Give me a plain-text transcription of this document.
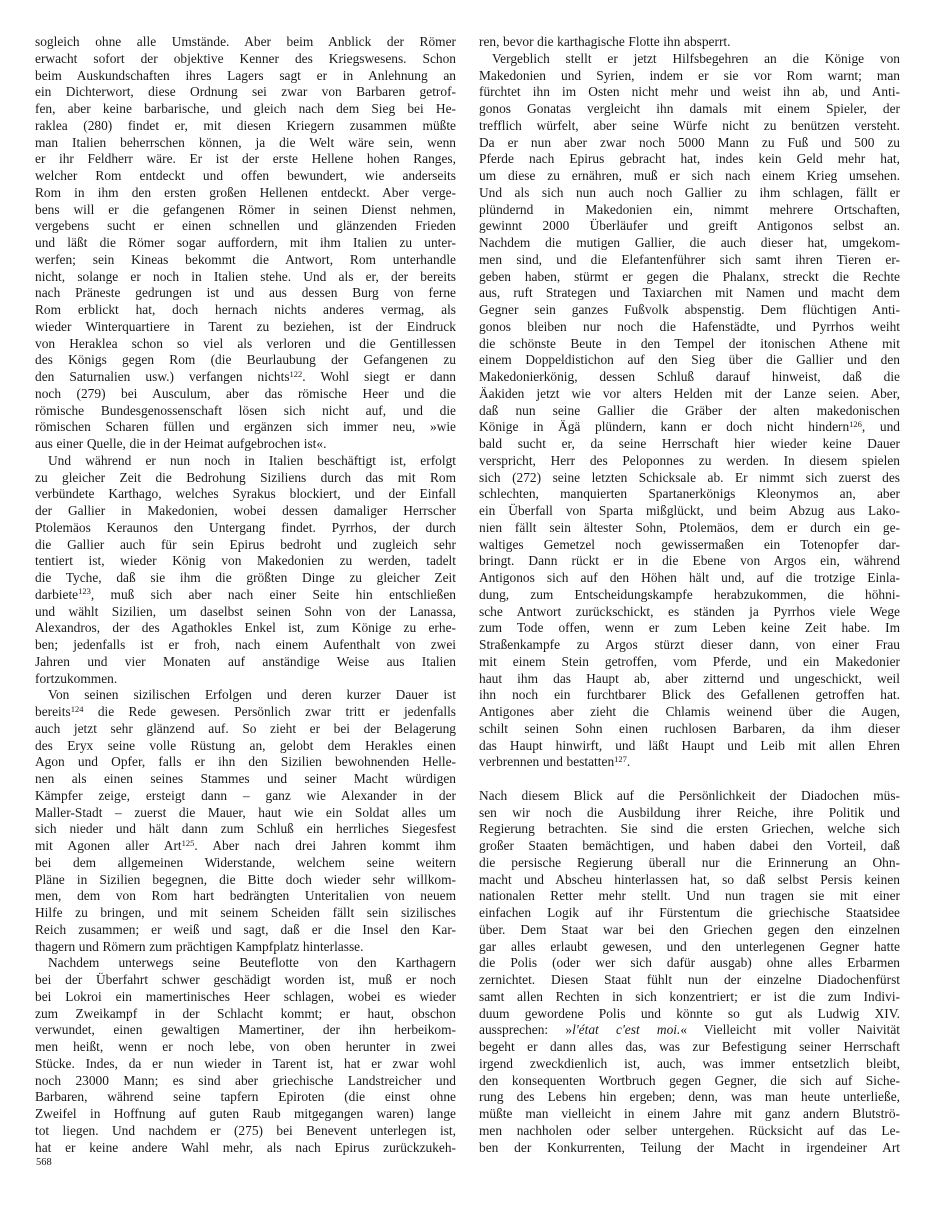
sogleich ohne alle Umstände. Aber beim Anblick der Römer
erwacht sofort der objektive Kenner des Kriegswesens. Schon
beim Auskundschaften ihres Lagers sagt er in Anlehnung an
ein Dichterwort, diese Ordnung sei zwar von Barbaren getrof-
fen, aber keine barbarische, und gleich nach dem Sieg bei He-
raklea (280) findet er, mit diesen Kriegern zusammen müßte
man Italien beherrschen können, ja die Welt wäre sein, wenn
er ihr Feldherr wäre. Er ist der erste Hellene hohen Ranges,
welcher Rom entdeckt und offen bewundert, wie anderseits
Rom in ihm den ersten großen Hellenen entdeckt. Aber verge-
bens will er die gefangenen Römer in seinen Dienst nehmen,
vergebens sucht er einen schnellen und glänzenden Frieden
und läßt die Römer sogar auffordern, mit ihm Italien zu unter-
werfen; sein Kineas bekommt die Antwort, Rom unterhandle
nicht, solange er noch in Italien stehe. Und als er, der bereits
nach Präneste gedrungen ist und aus dessen Burg von ferne
Rom erblickt hat, doch hernach nichts anderes vermag, als
wieder Winterquartiere in Tarent zu beziehen, ist der Eindruck
von Heraklea schon so viel als verloren und die Gentillessen
des Königs gegen Rom (die Beurlaubung der Gefangenen zu
den Saturnalien usw.) verfangen nichts$^{122}$. Wohl siegt er dann
noch (279) bei Ausculum, aber das römische Heer und die
römische Bundesgenossenschaft lösen sich nicht auf, und die
römischen Scharen füllen und ergänzen sich immer neu, »wie
aus einer Quelle, die in der Heimat aufgebrochen ist«.
Und während er nun noch in Italien beschäftigt ist, erfolgt
zu gleicher Zeit die Bedrohung Siziliens durch das mit Rom
verbündete Karthago, welches Syrakus blockiert, und der Einfall
der Gallier in Makedonien, wobei dessen damaliger Herrscher
Ptolemäos Keraunos den Untergang findet. Pyrrhos, der durch
die Gallier auch für sein Epirus bedroht und zugleich sehr
tentiert ist, wieder König von Makedonien zu werden, tadelt
die Tyche, daß sie ihm die größten Dinge zu gleicher Zeit
darbiete$^{123}$, muß sich aber nach einer Seite hin entschließen
und wählt Sizilien, um daselbst seinen Sohn von der Lanassa,
Alexandros, der des Agathokles Enkel ist, zum Könige zu erhe-
ben; jedenfalls ist er froh, nach einem Aufenthalt von zwei
Jahren und vier Monaten auf anständige Weise aus Italien
fortzukommen.
Von seinen sizilischen Erfolgen und deren kurzer Dauer ist
bereits$^{124}$ die Rede gewesen. Persönlich zwar tritt er jedenfalls
auch jetzt sehr glänzend auf. So zieht er bei der Belagerung
des Eryx seine volle Rüstung an, gelobt dem Herakles einen
Agon und Opfer, falls er ihn den Sizilien bewohnenden Helle-
nen als einen seines Stammes und seiner Macht würdigen
Kämpfer zeige, ersteigt dann – ganz wie Alexander in der
Maller-Stadt – zuerst die Mauer, haut wie ein Soldat alles um
sich nieder und hält dann zum Schluß ein herrliches Siegesfest
mit Agonen aller Art$^{125}$. Aber nach drei Jahren kommt ihm
bei dem allgemeinen Widerstande, welchem seine weitern
Pläne in Sizilien begegnen, die Bitte doch wieder sehr willkom-
men, dem von Rom hart bedrängten Unteritalien von neuem
Hilfe zu bringen, und mit seinem Scheiden fällt sein sizilisches
Reich zusammen; er weiß und sagt, daß er die Insel den Kar-
thagern und Römern zum prächtigen Kampfplatz hinterlasse.
Nachdem unterwegs seine Beuteflotte von den Karthagern
bei der Überfahrt schwer geschädigt worden ist, muß er noch
bei Lokroi ein mamertinisches Heer schlagen, wobei es wieder
zum Zweikampf in der Schlacht kommt; er haut, obschon
verwundet, einen gewaltigen Mamertiner, der ihn herbeikom-
men heißt, wenn er noch lebe, von oben herunter in zwei
Stücke. Indes, da er nun wieder in Tarent ist, hat er zwar wohl
noch 23000 Mann; es sind aber griechische Landstreicher und
Barbaren, während seine tapfern Epiroten (die einst ohne
Zweifel in Hoffnung auf guten Raub mitgegangen waren) lange
tot liegen. Und nachdem er (275) bei Benevent unterlegen ist,
hat er keine andere Wahl mehr, als nach Epirus zurückzukeh-
ren, bevor die karthagische Flotte ihn absperrt.
Vergeblich stellt er jetzt Hilfsbegehren an die Könige von
Makedonien und Syrien, indem er sie vor Rom warnt; man
fürchtet ihn im Osten nicht mehr und weist ihn ab, und Anti-
gonos Gonatas vergleicht ihn damals mit einem Spieler, der
trefflich würfelt, aber seine Würfe nicht zu benützen versteht.
Da er nun aber zwar noch 5000 Mann zu Fuß und 500 zu
Pferde nach Epirus gebracht hat, indes kein Geld mehr hat,
um diese zu ernähren, muß er sich nach einem Krieg umsehen.
Und als sich nun auch noch Gallier zu ihm schlagen, fällt er
plündernd in Makedonien ein, nimmt mehrere Ortschaften,
gewinnt 2000 Überläufer und greift Antigonos selbst an.
Nachdem die mutigen Gallier, die auch dieser hat, umgekom-
men sind, und die Elefantenführer sich samt ihren Tieren er-
geben haben, stürmt er gegen die Phalanx, streckt die Rechte
aus, ruft Strategen und Taxiarchen mit Namen und macht dem
Gegner sein ganzes Fußvolk abspenstig. Dem flüchtigen Anti-
gonos bleiben nur noch die Hafenstädte, und Pyrrhos weiht
die schönste Beute in den Tempel der itonischen Athene mit
einem Doppeldistichon auf den Sieg über die Gallier und den
Makedonierkönig, dessen Schluß darauf hinweist, daß die
Äakiden jetzt wie vor alters Helden mit der Lanze seien. Aber,
daß nun seine Gallier die Gräber der alten makedonischen
Könige in Ägä plündern, kann er doch nicht hindern$^{126}$, und
bald sucht er, da seine Herrschaft hier wieder keine Dauer
verspricht, Herr des Peloponnes zu werden. In diesem spielen
sich (272) seine letzten Schicksale ab. Er nimmt sich zuerst des
schlechten, manquierten Spartanerkönigs Kleonymos an, aber
ein Überfall von Sparta mißglückt, und beim Abzug aus Lako-
nien fällt sein ältester Sohn, Ptolemäos, dem er durch ein ge-
waltiges Gemetzel noch gewissermaßen ein Totenopfer dar-
bringt. Dann rückt er in die Ebene von Argos ein, während
Antigonos sich auf den Höhen hält und, auf die trotzige Einla-
dung, zum Entscheidungskampfe herabzukommen, die höhni-
sche Antwort zurückschickt, es ständen ja Pyrrhos viele Wege
zum Tode offen, wenn er zum Leben keine Zeit habe. Im
Straßenkampfe zu Argos stürzt dieser dann, von einer Frau
mit einem Stein getroffen, vom Pferde, und ein Makedonier
haut ihm das Haupt ab, aber zitternd und ungeschickt, weil
ihn noch ein furchtbarer Blick des Gefallenen getroffen hat.
Antigones aber zieht die Chlamis weinend über die Augen,
schilt seinen Sohn einen ruchlosen Barbaren, da ihm dieser
das Haupt hinwirft, und läßt Haupt und Leib mit allen Ehren
verbrennen und bestatten$^{127}$.
Nach diesem Blick auf die Persönlichkeit der Diadochen müs-
sen wir noch die Ausbildung ihrer Reiche, ihre Politik und
Regierung betrachten. Sie sind die ersten Griechen, welche sich
großer Staaten bemächtigen, und haben dabei den Vorteil, daß
die persische Regierung überall nur die Erinnerung an Ohn-
macht und Abscheu hinterlassen hat, so daß selbst Persis keinen
nationalen Retter mehr stellt. Und nun tragen sie mit einer
einfachen Logik auf ihr Fürstentum die griechische Staatsidee
über. Dem Staat war bei den Griechen gegen den einzelnen
gar alles erlaubt gewesen, und den unterlegenen Gegner hatte
die Polis (oder wer sich dafür ausgab) ohne alles Erbarmen
zernichtet. Diesen Staat fühlt nun der einzelne Diadochenfürst
samt allen Rechten in sich konzentriert; er ist die zum Indivi-
duum gewordene Polis und könnte so gut als Ludwig XIV.
aussprechen: »l'état c'est moi.« Vielleicht mit voller Naivität
begeht er dann alles das, was zur Befestigung seiner Herrschaft
irgend zweckdienlich ist, auch, was immer entsetzlich bleibt,
den konsequenten Wortbruch gegen Gegner, die sich auf Siche-
rung des Lebens hin ergeben; denn, was man heute unterließe,
müßte man vielleicht in einem Jahre mit ganz andern Blutströ-
men nachholen oder selber untergehen. Rücksicht auf das Le-
ben der Konkurrenten, Teilung der Macht in irgendeiner Art
568
